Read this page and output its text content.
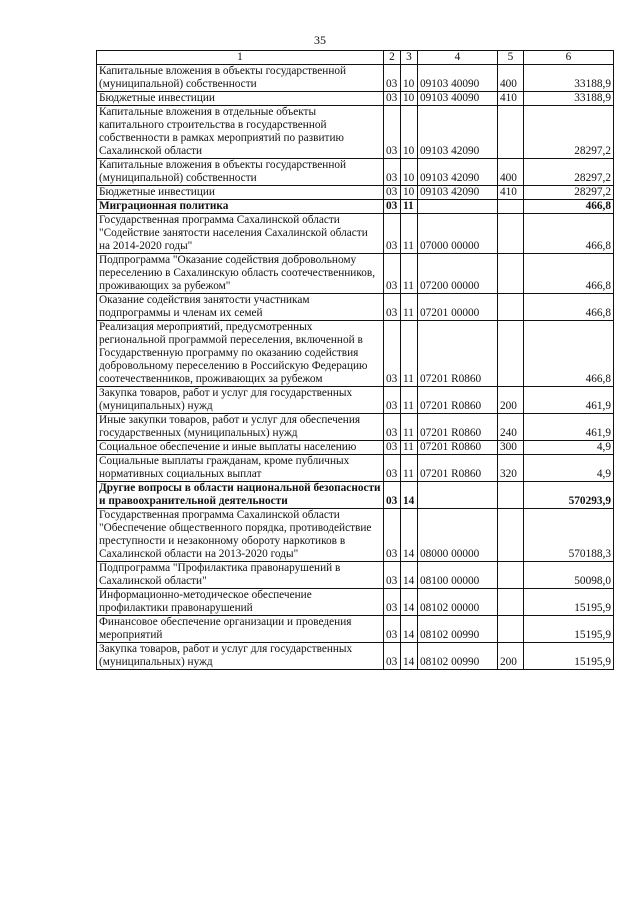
35
1	2	3	4	5	6
Капитальные вложения в объекты государственной (муниципальной) собственности	03	10	09103 40090	400	33188,9
Бюджетные инвестиции	03	10	09103 40090	410	33188,9
Капитальные вложения в отдельные объекты капитального строительства в государственной собственности в рамках мероприятий по развитию Сахалинской области	03	10	09103 42090		28297,2
Капитальные вложения в объекты государственной (муниципальной) собственности	03	10	09103 42090	400	28297,2
Бюджетные инвестиции	03	10	09103 42090	410	28297,2
Миграционная политика	03	11			466,8
Государственная программа Сахалинской области "Содействие занятости населения Сахалинской области на 2014-2020 годы"	03	11	07000 00000		466,8
Подпрограмма "Оказание содействия добровольному переселению в Сахалинскую область соотечественников, проживающих за рубежом"	03	11	07200 00000		466,8
Оказание содействия занятости участникам подпрограммы и членам их семей	03	11	07201 00000		466,8
Реализация мероприятий, предусмотренных региональной программой переселения, включенной в Государственную программу по оказанию содействия добровольному переселению в Российскую Федерацию соотечественников, проживающих за рубежом	03	11	07201 R0860		466,8
Закупка товаров, работ и услуг для государственных (муниципальных) нужд	03	11	07201 R0860	200	461,9
Иные закупки товаров, работ и услуг для обеспечения государственных (муниципальных) нужд	03	11	07201 R0860	240	461,9
Социальное обеспечение и иные выплаты населению	03	11	07201 R0860	300	4,9
Социальные выплаты гражданам, кроме публичных нормативных социальных выплат	03	11	07201 R0860	320	4,9
Другие вопросы в области национальной безопасности и правоохранительной деятельности	03	14			570293,9
Государственная программа Сахалинской области "Обеспечение общественного порядка, противодействие преступности и незаконному обороту наркотиков в Сахалинской области на 2013-2020 годы"	03	14	08000 00000		570188,3
Подпрограмма "Профилактика правонарушений в Сахалинской области"	03	14	08100 00000		50098,0
Информационно-методическое обеспечение профилактики правонарушений	03	14	08102 00000		15195,9
Финансовое обеспечение организации и проведения мероприятий	03	14	08102 00990		15195,9
Закупка товаров, работ и услуг для государственных (муниципальных) нужд	03	14	08102 00990	200	15195,9
